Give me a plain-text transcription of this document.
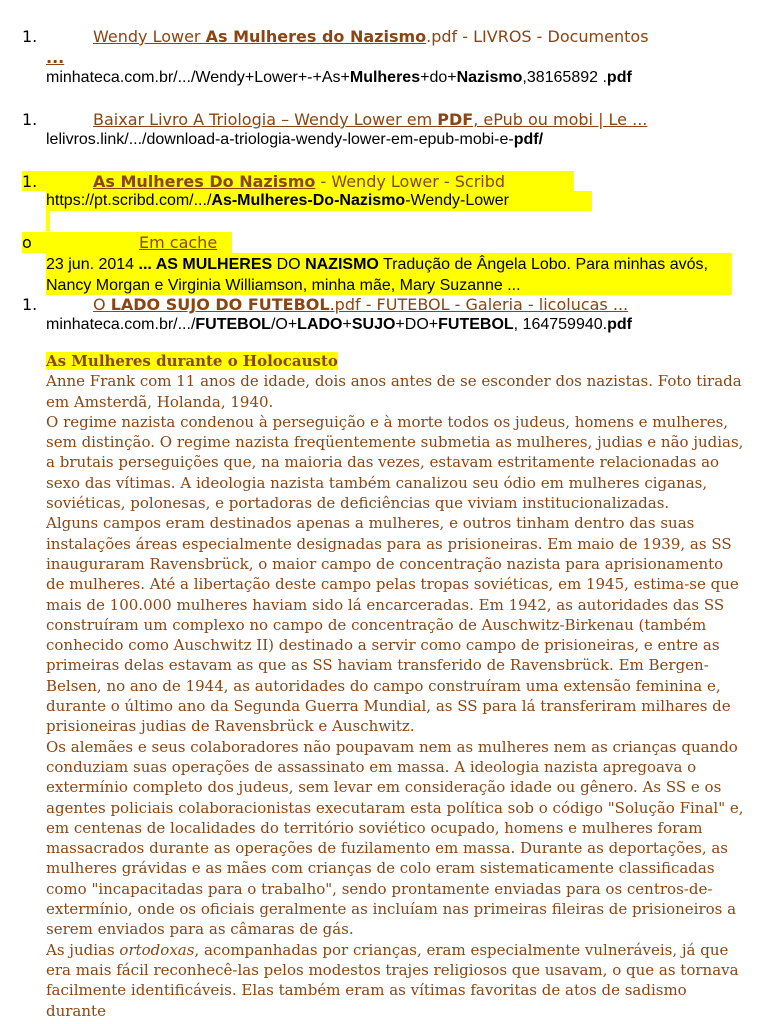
1.	Wendy Lower As Mulheres do Nazismo.pdf - LIVROS - Documentos
...
minhateca.com.br/.../Wendy+Lower+-+As+Mulheres+do+Nazismo,38165892 .pdf
1.	Baixar Livro A Triologia – Wendy Lower em PDF, ePub ou mobi | Le ...
lelivros.link/.../download-a-triologia-wendy-lower-em-epub-mobi-e-pdf/
1.	As Mulheres Do Nazismo - Wendy Lower - Scribd
https://pt.scribd.com/.../As-Mulheres-Do-Nazismo-Wendy-Lower
o	Em cache
23 jun. 2014 ... AS MULHERES DO NAZISMO Tradução de Ângela Lobo. Para minhas avós, Nancy Morgan e Virginia Williamson, minha mãe, Mary Suzanne ...
1.	O LADO SUJO DO FUTEBOL.pdf - FUTEBOL - Galeria - licolucas ...
minhateca.com.br/.../FUTEBOL/O+LADO+SUJO+DO+FUTEBOL, 164759940.pdf
As Mulheres durante o Holocausto

Anne Frank com 11 anos de idade, dois anos antes de se esconder dos nazistas. Foto tirada em Amsterdã, Holanda, 1940.

O regime nazista condenou à perseguição e à morte todos os judeus, homens e mulheres, sem distinção. O regime nazista freqüentemente submetia as mulheres, judias e não judias, a brutais perseguições que, na maioria das vezes, estavam estritamente relacionadas ao sexo das vítimas. A ideologia nazista também canalizou seu ódio em mulheres ciganas, soviéticas, polonesas, e portadoras de deficiências que viviam institucionalizadas.

Alguns campos eram destinados apenas a mulheres, e outros tinham dentro das suas instalações áreas especialmente designadas para as prisioneiras. Em maio de 1939, as SS inauguraram Ravensbrück, o maior campo de concentração nazista para aprisionamento de mulheres. Até a libertação deste campo pelas tropas soviéticas, em 1945, estima-se que mais de 100.000 mulheres haviam sido lá encarceradas. Em 1942, as autoridades das SS construíram um complexo no campo de concentração de Auschwitz-Birkenau (também conhecido como Auschwitz II) destinado a servir como campo de prisioneiras, e entre as primeiras delas estavam as que as SS haviam transferido de Ravensbrück. Em Bergen-Belsen, no ano de 1944, as autoridades do campo construíram uma extensão feminina e, durante o último ano da Segunda Guerra Mundial, as SS para lá transferiram milhares de prisioneiras judias de Ravensbrück e Auschwitz.

Os alemães e seus colaboradores não poupavam nem as mulheres nem as crianças quando conduziam suas operações de assassinato em massa. A ideologia nazista apregoava o extermínio completo dos judeus, sem levar em consideração idade ou gênero. As SS e os agentes policiais colaboracionistas executaram esta política sob o código "Solução Final" e, em centenas de localidades do território soviético ocupado, homens e mulheres foram massacrados durante as operações de fuzilamento em massa. Durante as deportações, as mulheres grávidas e as mães com crianças de colo eram sistematicamente classificadas como "incapacitadas para o trabalho", sendo prontamente enviadas para os centros-de-extermínio, onde os oficiais geralmente as incluíam nas primeiras fileiras de prisioneiros a serem enviados para as câmaras de gás.

As judias ortodoxas, acompanhadas por crianças, eram especialmente vulneráveis, já que era mais fácil reconhecê-las pelos modestos trajes religiosos que usavam, o que as tornava facilmente identificáveis. Elas também eram as vítimas favoritas de atos de sadismo durante
